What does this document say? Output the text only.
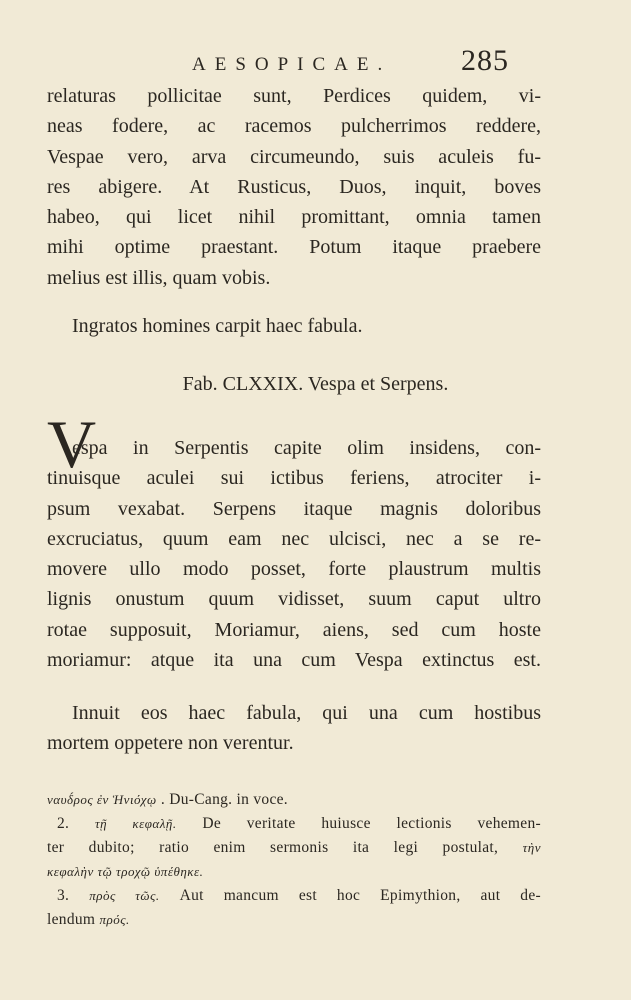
AESOPICAE. 285
relaturas pollicitae sunt, Perdices quidem, vi-
neas fodere, ac racemos pulcherrimos reddere,
Vespae vero, arva circumeundo, suis aculeis fu-
res abigere. At Rusticus, Duos, inquit, boves
habeo, qui licet nihil promittant, omnia tamen
mihi optime praestant. Potum itaque praebere
melius est illis, quam vobis.
Ingratos homines carpit haec fabula.
Fab. CLXXIX. Vespa et Serpens.
V
espa in Serpentis capite olim insidens, con-
tinuisque aculei sui ictibus feriens, atrociter i-
psum vexabat. Serpens itaque magnis doloribus
excruciatus, quum eam nec ulcisci, nec a se re-
movere ullo modo posset, forte plaustrum multis
lignis onustum quum vidisset, suum caput ultro
rotae supposuit, Moriamur, aiens, sed cum hoste
moriamur: atque ita una cum Vespa extinctus est.
Innuit eos haec fabula, qui una cum hostibus
mortem oppetere non verentur.
ναυδ́ρος ἐν Ἡνιόχῳ . Du-Cang. in voce.
2. τῇ κεφαλῇ. De veritate huiusce lectionis vehemen-
ter dubito; ratio enim sermonis ita legi postulat, τὴν
κεφαλὴν τῷ τροχῷ ὑπέθηκε.
3. πρὸς τῶς. Aut mancum est hoc Epimythion, aut de-
lendum πρός.
